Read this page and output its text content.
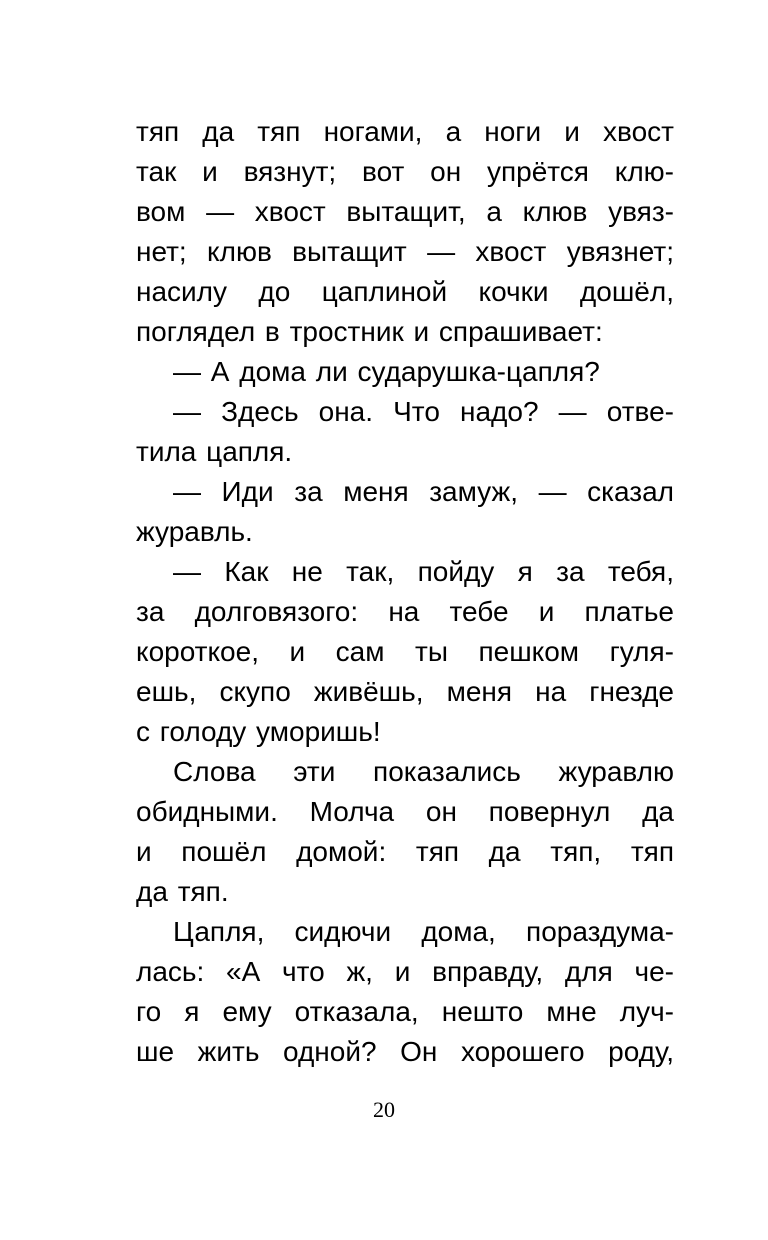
тяп да тяп ногами, а ноги и хвост
так и вязнут; вот он упрётся клю-
вом — хвост вытащит, а клюв увяз-
нет; клюв вытащит — хвост увязнет;
насилу до цаплиной кочки дошёл,
поглядел в тростник и спрашивает:
— А дома ли сударушка-цапля?
— Здесь она. Что надо? — отве-
тила цапля.
— Иди за меня замуж, — сказал
журавль.
— Как не так, пойду я за тебя,
за долговязого: на тебе и платье
короткое, и сам ты пешком гуля-
ешь, скупо живёшь, меня на гнезде
с голоду уморишь!
Слова эти показались журавлю
обидными. Молча он повернул да
и пошёл домой: тяп да тяп, тяп
да тяп.
Цапля, сидючи дома, пораздума-
лась: «А что ж, и вправду, для че-
го я ему отказала, нешто мне луч-
ше жить одной? Он хорошего роду,
20
